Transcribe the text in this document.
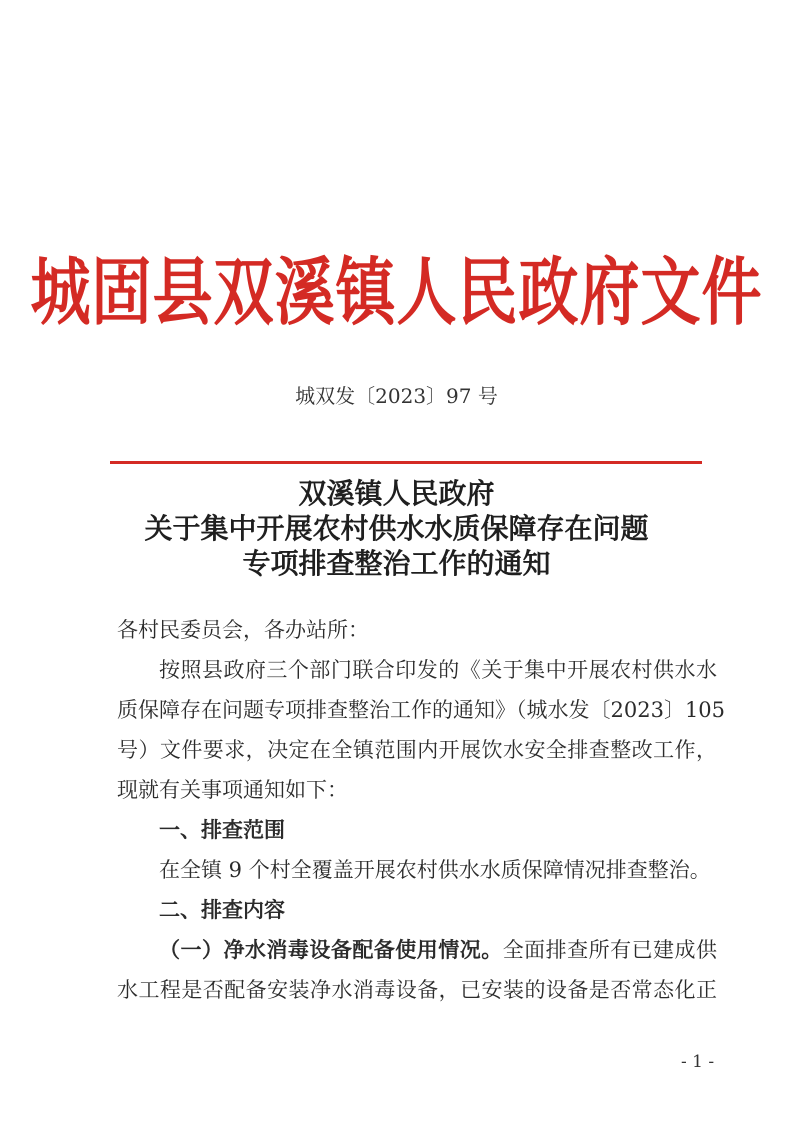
城固县双溪镇人民政府文件
城双发〔2023〕97 号
双溪镇人民政府
关于集中开展农村供水水质保障存在问题
专项排查整治工作的通知
各村民委员会，各办站所：
按照县政府三个部门联合印发的《关于集中开展农村供水水
质保障存在问题专项排查整治工作的通知》（城水发〔2023〕105
号）文件要求，决定在全镇范围内开展饮水安全排查整改工作，
现就有关事项通知如下：
一、排查范围
在全镇 9 个村全覆盖开展农村供水水质保障情况排查整治。
二、排查内容
（一）净水消毒设备配备使用情况。全面排查所有已建成供
水工程是否配备安装净水消毒设备，已安装的设备是否常态化正
- 1 -
